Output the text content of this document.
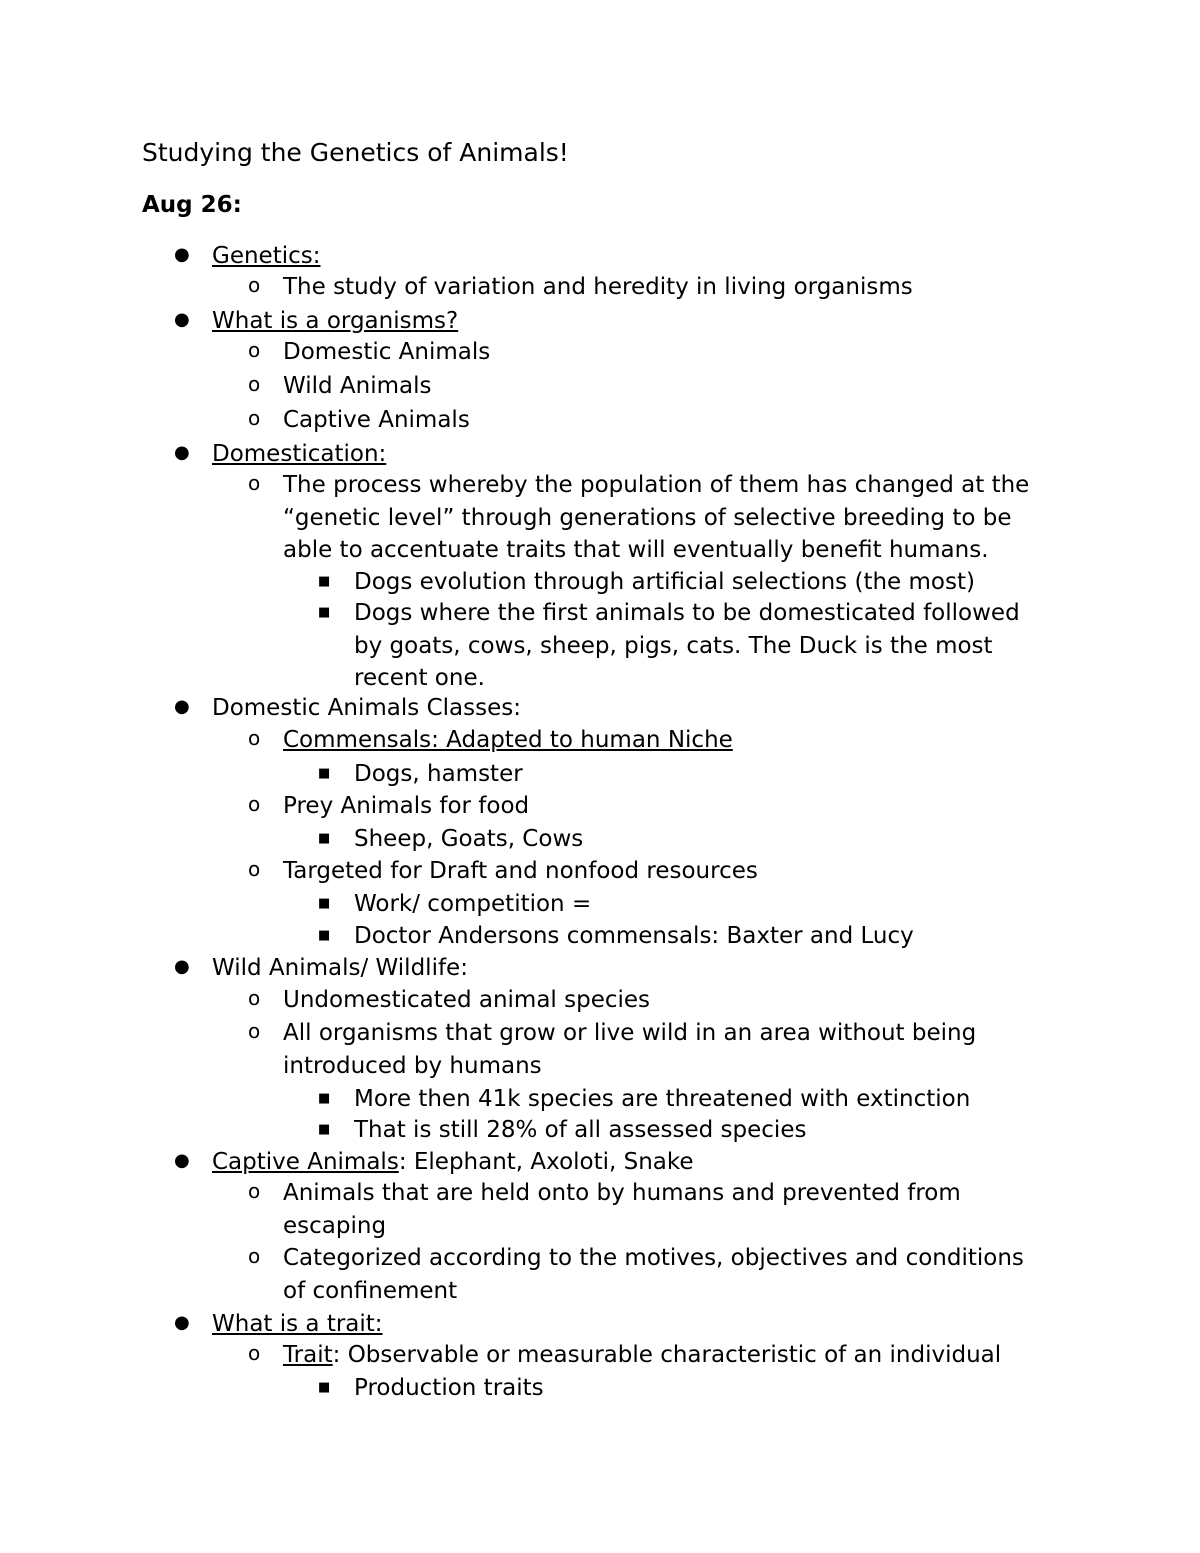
Studying the Genetics of Animals!
Aug 26:
● Genetics:
o The study of variation and heredity in living organisms
● What is a organisms?
o Domestic Animals
o Wild Animals
o Captive Animals
● Domestication:
o The process whereby the population of them has changed at the
“genetic level” through generations of selective breeding to be
able to accentuate traits that will eventually benefit humans.
■ Dogs evolution through artificial selections (the most)
■ Dogs where the first animals to be domesticated followed
by goats, cows, sheep, pigs, cats. The Duck is the most
recent one.
● Domestic Animals Classes:
o Commensals: Adapted to human Niche
■ Dogs, hamster
o Prey Animals for food
■ Sheep, Goats, Cows
o Targeted for Draft and nonfood resources
■ Work/ competition =
■ Doctor Andersons commensals: Baxter and Lucy
● Wild Animals/ Wildlife:
o Undomesticated animal species
o All organisms that grow or live wild in an area without being
introduced by humans
■ More then 41k species are threatened with extinction
■ That is still 28% of all assessed species
● Captive Animals: Elephant, Axoloti, Snake
o Animals that are held onto by humans and prevented from
escaping
o Categorized according to the motives, objectives and conditions
of confinement
● What is a trait:
o Trait: Observable or measurable characteristic of an individual
■ Production traits
